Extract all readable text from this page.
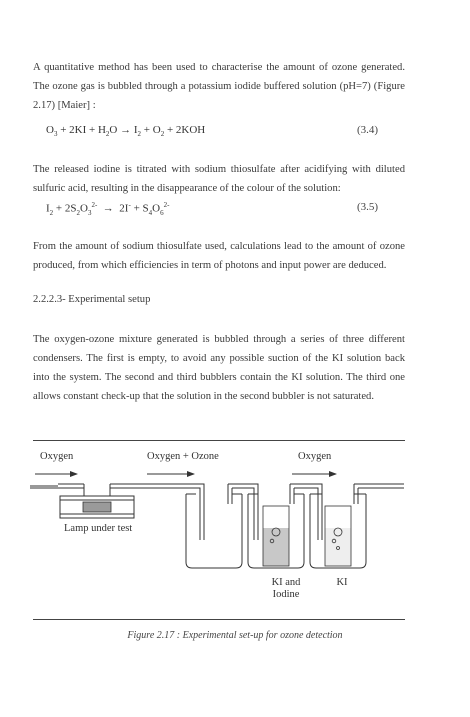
A quantitative method has been used to characterise the amount of ozone generated. The ozone gas is bubbled through a potassium iodide buffered solution (pH=7) (Figure 2.17) [Maier] :
$O_3 + 2KI + H_2O \to I_2 + O_2 + 2KOH$	(3.4)
The released iodine is titrated with sodium thiosulfate after acidifying with diluted sulfuric acid, resulting in the disappearance of the colour of the solution:
$I_2 + 2S_2O_3^{2-} \to 2I^- + S_4O_6^{2-}$	(3.5)
From the amount of sodium thiosulfate used, calculations lead to the amount of ozone produced, from which efficiencies in term of photons and input power are deduced.
2.2.2.3- Experimental setup
The oxygen-ozone mixture generated is bubbled through a series of three different condensers. The first is empty, to avoid any possible suction of the KI solution back into the system. The second and third bubblers contain the KI solution. The third one allows constant check-up that the solution in the second bubbler is not saturated.
Oxygen	Oxygen + Ozone	Oxygen
Lamp under test
KI and Iodine
KI
Figure 2.17 : Experimental set-up for ozone detection
